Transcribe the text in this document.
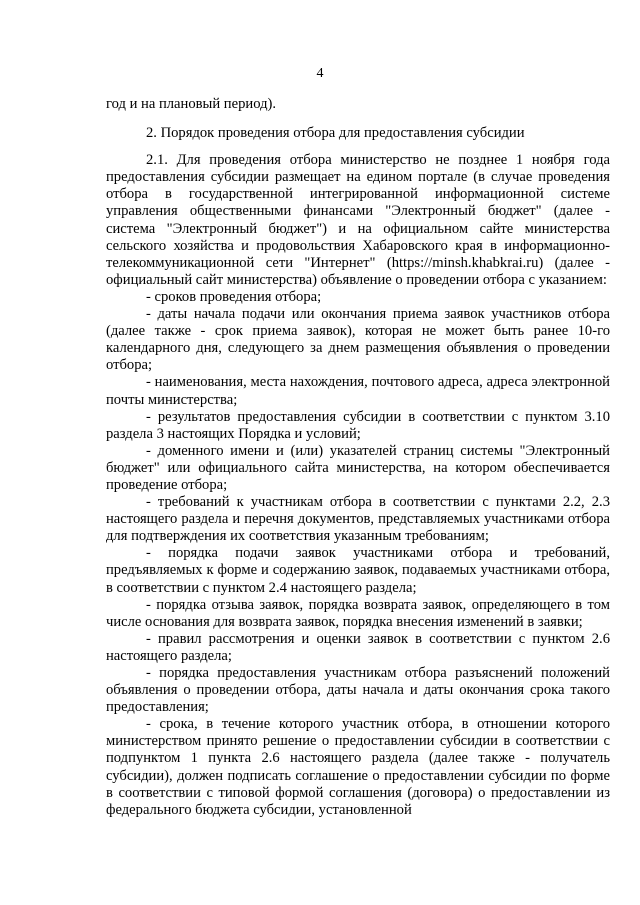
4

год и на плановый период).

2. Порядок проведения отбора для предоставления субсидии

2.1. Для проведения отбора министерство не позднее 1 ноября года предоставления субсидии размещает на едином портале (в случае проведения отбора в государственной интегрированной информационной системе управления общественными финансами "Электронный бюджет" (далее - система "Электронный бюджет") и на официальном сайте министерства сельского хозяйства и продовольствия Хабаровского края в информационно-телекоммуникационной сети "Интернет" (https://minsh.khabkrai.ru) (далее - официальный сайт министерства) объявление о проведении отбора с указанием:

- сроков проведения отбора;

- даты начала подачи или окончания приема заявок участников отбора (далее также - срок приема заявок), которая не может быть ранее 10-го календарного дня, следующего за днем размещения объявления о проведении отбора;

- наименования, места нахождения, почтового адреса, адреса электронной почты министерства;

- результатов предоставления субсидии в соответствии с пунктом 3.10 раздела 3 настоящих Порядка и условий;

- доменного имени и (или) указателей страниц системы "Электронный бюджет" или официального сайта министерства, на котором обеспечивается проведение отбора;

- требований к участникам отбора в соответствии с пунктами 2.2, 2.3 настоящего раздела и перечня документов, представляемых участниками отбора для подтверждения их соответствия указанным требованиям;

- порядка подачи заявок участниками отбора и требований, предъявляемых к форме и содержанию заявок, подаваемых участниками отбора, в соответствии с пунктом 2.4 настоящего раздела;

- порядка отзыва заявок, порядка возврата заявок, определяющего в том числе основания для возврата заявок, порядка внесения изменений в заявки;

- правил рассмотрения и оценки заявок в соответствии с пунктом 2.6 настоящего раздела;

- порядка предоставления участникам отбора разъяснений положений объявления о проведении отбора, даты начала и даты окончания срока такого предоставления;

- срока, в течение которого участник отбора, в отношении которого министерством принято решение о предоставлении субсидии в соответствии с подпунктом 1 пункта 2.6 настоящего раздела (далее также - получатель субсидии), должен подписать соглашение о предоставлении субсидии по форме в соответствии с типовой формой соглашения (договора) о предоставлении из федерального бюджета субсидии, установленной
